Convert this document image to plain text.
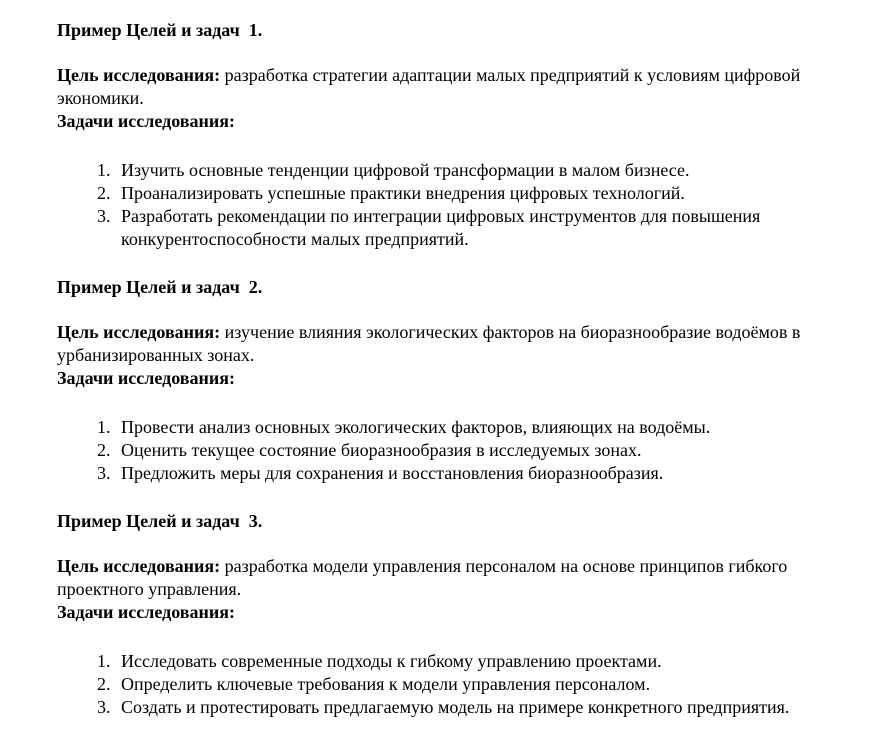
Пример Целей и задач  1.

Цель исследования: разработка стратегии адаптации малых предприятий к условиям цифровой экономики.

Задачи исследования:

1. Изучить основные тенденции цифровой трансформации в малом бизнесе.
2. Проанализировать успешные практики внедрения цифровых технологий.
3. Разработать рекомендации по интеграции цифровых инструментов для повышения конкурентоспособности малых предприятий.

Пример Целей и задач  2.

Цель исследования: изучение влияния экологических факторов на биоразнообразие водоёмов в урбанизированных зонах.

Задачи исследования:

1. Провести анализ основных экологических факторов, влияющих на водоёмы.
2. Оценить текущее состояние биоразнообразия в исследуемых зонах.
3. Предложить меры для сохранения и восстановления биоразнообразия.

Пример Целей и задач  3.

Цель исследования: разработка модели управления персоналом на основе принципов гибкого проектного управления.

Задачи исследования:

1. Исследовать современные подходы к гибкому управлению проектами.
2. Определить ключевые требования к модели управления персоналом.
3. Создать и протестировать предлагаемую модель на примере конкретного предприятия.
